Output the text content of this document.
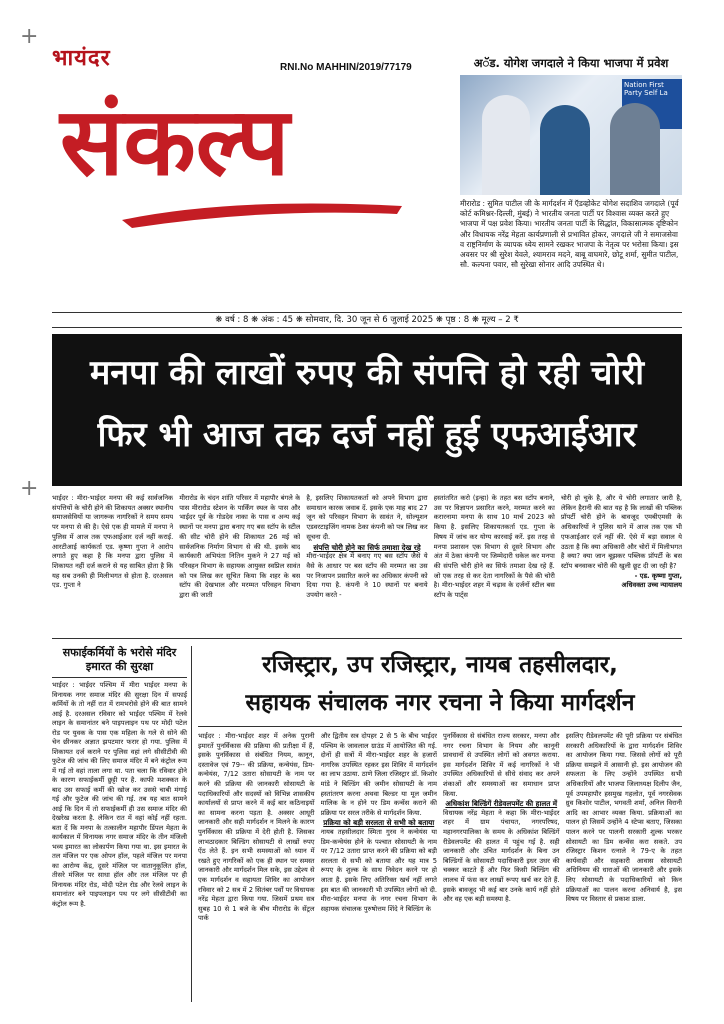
+
+
भायंदर	RNI.No MAHHIN/2019/77179
संकल्प
अॅड. योगेश जगदाले ने किया भाजपा में प्रवेश
Nation First Party Self La
मीरारोड : सुमित पाटील जी के मार्गदर्शन में ऍडव्होकेट योगेश सदाशिव जगदाले (पूर्व कोर्ट कमिश्नर-दिल्ली, मुंबई) ने भारतीय जनता पार्टी पर विश्वास व्यक्त करते हुए भाजपा में पक्ष प्रवेश किया। भारतीय जनता पार्टी के सिद्धांत, विकासात्मक दृष्टिकोन और विधायक नरेंद्र मेहता कार्यप्रणाली से प्रभावित होकर, जगदाले जी ने समाजसेवा व राष्ट्रनिर्माण के व्यापक ध्येय सामने रखकर भाजपा के नेतृत्व पर भरोसा किया। इस अवसर पर श्री सुरेश येवले, श्यामराव मदने, बाबू वाघमारे, छोटू शर्मा, सुमीत पाटील, सौ. कल्पना पवार, सौ सुरेखा सोनार आदि उपस्थित थे।
❋ वर्ष : 8 ❋ अंक : 45 ❋ सोमवार, दि. 30 जून से 6 जुलाई 2025 ❋ पृष्ठ : 8 ❋ मूल्य – 2 ₹
मनपा की लाखों रुपए की संपत्ति हो रही चोरी
फिर भी आज तक दर्ज नहीं हुई एफआईआर
भाईदर : मीरा-भाईदर मनपा की कई सार्वजनिक संपत्तियों के चोरी होने की शिकायत अक्सर स्थानीय समाजसेवियों या जागरूक नागरिकों ने समय समय पर मनपा से की है। ऐसे एक ही मामले में मनपा ने पुलिस में आज तक एफआईआर दर्ज नहीं कराई. आरटीआई कार्यकर्ता एड. कृष्णा गुप्ता ने आरोप लगाते हुए कहा है कि मनपा द्वारा पुलिस में शिकायत नहीं दर्ज कराने से यह साबित होता है कि यह सब उनकी ही मिलीभगत से होता है. दरअसल एड. गुप्ता ने
मीरारोड के चंदन शांति परिसर में महापौर बंगले के पास मीरारोड स्टेशन के पार्किंग स्थल के पास और भाईदर पूर्व के गोडदेव नाका के पास व अन्य कई स्थानों पर मनपा द्वारा बनाए गए बस स्टॉप के स्टील की सीट चोरी होने की शिकायत 26 मई को सार्वजनिक निर्माण विभाग से की थी. इसके बाद कार्यकारी अभियंता नितिन मुकने ने 27 मई को परिवहन विभाग के सहायक आयुक्त स्वप्निल सावंत को पत्र लिख कर सूचित किया कि शहर के बस स्टॉप की देखभाल और मरम्मत परिवहन विभाग द्वारा की जाती
है, इसलिए शिकायतकर्ता को अपने विभाग द्वारा समाधान कारक जवाब दें. इसके एक माह बाद 27 जून को परिवहन विभाग के सावंत ने, सोल्यूशन एडवरटाइजिंग नामक ठेका कंपनी को पत्र लिख कर सूचना दी.
संपत्ति चोरी होने का सिर्फ तमाशा देख रहे
मीरा-भाईदर क्षेत्र में बनाए गए बस स्टॉप जैसे ये वैसे के आधार पर बस स्टॉप की मरम्मत का उस पर निजापन प्रसारित करने का अधिकार कंपनी को दिया गया है. कंपनी ने 10 स्थानों पर बनाये उपयोग करते -
हस्तांतरित करो (इन्हा) के तहत बस स्टॉप बनाने, उस पर विज्ञापन प्रसारित करने, मरम्मत करने का करारनामा मनपा के साथ 10 मार्च 2023 को किया है. इसलिए शिकायतकर्ता एड. गुप्ता के विषय में जांच कर योग्य कारवाई करें. इस तरह से मनपा प्रशासन एक विभाग से दूसरे विभाग और अंत में ठेका कंपनी पर जिम्मेदारी धकेल कर मनपा की संपत्ति चोरी होने का सिर्फ तमाशा देख रहे हैं. जो एक तरह से कर देता नागरिकों के पैसे की चोरी है। मीरा-भाईदर शहर में चढ़ाव के दर्जनों स्टील बस स्टॉप के पार्ट्स
चोरी हो चुके है, और ये चोरी लगातार जारी है, लेकिन हैरानी की बात यह है कि लाखों की पब्लिक प्रॉपर्टी चोरी होने के बावजूद एमबीएमसी के अधिकारियों ने पुलिस थाने में आज तक एक भी एफआईआर दर्ज नहीं की. ऐसे में बड़ा सवाल ये उठता है कि क्या अधिकारी और चोरों में मिलीभगत है क्या? क्या जान बूझकर पब्लिक प्रॉपर्टी के बस स्टॉप बनवाकर चोरी की खुली छूट दी जा रही है?
- एड. कृष्णा गुप्ता,
अधिवक्ता उच्च न्यायालय
सफाईकर्मियों के भरोसे मंदिर इमारत की सुरक्षा
भाईदर : भाईदर पश्चिम में मीरा भाईदर मनपा के विनायक नगर समाज मंदिर की सुरक्षा दिन में सफाई कर्मियों के तो नहीं रात में रामभरोसे होने की बात सामने आई है. दरअसल रविवार को भाईदर पश्चिम में रेलवे लाइन के समानांतर बने पाइपलाइन पथ पर मोदी पटेल रोड पर युवक के पास एक महिला के गले से सोने की चेन छीनकर अज्ञात झपटमार फरार हो गया. पुलिस में शिकायत दर्ज कराने पर पुलिस वहां लगे सीसीटीवी की फुटेज की जांच की लिए समाज मंदिर में बने कंट्रोल रूम में गई तो वहां ताला लगा था. पता चला कि रविवार होने के कारण सफाईकर्मी छुट्टी पर है. काफी मशक्कत के बाद उस सफाई कर्मी की खोज कर उससे चाबी मंगाई गई और फुटेज की जांच की गई. तब यह बात सामने आई कि दिन में तो सफाईकर्मी ही उस समाज मंदिर की देखरेख करता है. लेकिन रात में वहां कोई नहीं रहता. बता दें कि मनपा के तत्कालीन महापौर डिंपल मेहता के कार्यकाल में विनायक नगर समाज मंदिर के तीन मंजिली भव्य इमारत का लोकार्पण किया गया था. इस इमारत के तल मंजिल पर एक ओपन हॉल, पहले मंजिल पर मनपा का आरोग्य केंद्र, दूसरे मंजिल पर वातानुकूलित हॉल, तीसरे मंजिल पर साधा हॉल और तल मंजिल पर ही विनायक मंदिर रोड, मोदी पटेल रोड और रेलवे लाइन के समानांतर बने पाइपलाइन पथ पर लगे सीसीटीवी का कंट्रोल रूम है.
रजिस्ट्रार, उप रजिस्ट्रार, नायब तहसीलदार,
सहायक संचालक नगर रचना ने किया मार्गदर्शन
भाईदर : मीरा-भाईदर शहर में अनेक पुरानी इमारतें पुनर्विकास की प्रक्रिया की प्रतीक्षा में हैं, इसके पुनर्विकास से संबंधित नियम, कानून, दस्तावेज एवं 79-- की प्रक्रिया, कन्वेयंस, डिम-कन्वेयंस, 7/12 उतारा सोसायटी के नाम पर करने की प्रक्रिया की जानकारी सोसायटी के पदाधिकारियों और सदस्यों को विभिन्न शासकीय कार्यालयों से प्राप्त करने में कई बार कठिनाइयों का सामना करना पड़ता है. अक्सर आधूरी जानकारी और सही मार्गदर्शन न मिलने के कारण पुनर्विकास की प्रक्रिया में देरी होती है. जिसका लाभठादकार बिल्डिंग सोसायटी से लाखों रुपए ऐंठ लेते हैं. इन सभी समस्याओं को ध्यान में रखते हुए नागरिकों को एक ही स्थान पर समस्त जानकारी और मार्गदर्शन मिल सके, इस उद्देश्य से एक मार्गदर्शन व सहायता शिविर का आयोजन रविवार को 2 सत्र में 2 सितंबर पर्वों पर विधायक नरेंद्र मेहता द्वारा किया गया. जिसमें प्रथम सत्र सुबह 10 से 1 बजे के बीच मीरारोड के सेंट्रल पार्क
और द्वितीय सत्र दोपहर 2 से 5 के बीच भाईदर पश्चिम के जावलाल ग्राउंड में आयोजित की गई. दोनों ही सत्रों में मीरा-भाईदर शहर के हजारों नागरिक उपस्थित रहकर इस शिविर में मार्गदर्शन का लाभ उठाया. ठाणे जिला रजिस्ट्रार डॉ. किशोर मांडे ने बिल्डिंग की जमीन सोसायटी के नाम हस्तांतरण करना अथवा बिल्डर या मूल जमीन मालिक के न होने पर डिम कन्वेंस कराने की प्रक्रिया पर सरल तरीके से मार्गदर्शन किया.
प्रक्रिया को बड़ी सरलता से सभी को बताया
नायब तहसीलदार स्मिता गुरव ने कन्वेयंस या डिम-कन्वेयंस होने के पश्चात सोसायटी के नाम पर 7/12 उतारा प्राप्त करने की प्रक्रिया को बड़ी सरलता से सभी को बताया और यह मात्र 5 रूपए के शुल्क के साथ निवेदन करने पर हो जाता है. इसके लिए अतिरिक्त खर्च नहीं लगते इस बात की जानकारी भी उपस्थित लोगों को दी. मीरा-भाईदर मनपा के नगर रचना विभाग के सहायक संचालक पुरुषोत्तम शिंदे ने बिल्डिंग के
पुनर्विकास से संबंधित राज्य सरकार, मनपा और नगर रचना विभाग के नियम और कानूनी प्रावधानों से उपस्थित लोगों को अवगत कराया. इस मार्गदर्शन शिविर में कई नागरिकों ने भी उपस्थित अधिकारियों से सीधे संवाद कर अपने शंकाओं और समस्याओं का समाधान प्राप्त किया.
अधिकांश बिल्डिंगें रीडेवलपमेंट की हालत में
विधायक नरेंद्र मेहता ने कहा कि मीरा-भाईदर शहर में ग्राम पंचायत, नगरपरिषद, महानगरपालिका के समय के अधिकांश बिल्डिंगें रीडेवलपमेंट की हालत में पहुंच गई है. सही जानकारी और उचित मार्गदर्शन के बिना उन बिल्डिंगों के सोसायटी पदाधिकारी इधर उधर की चक्कर काटते हैं और फिर किसी बिल्डिंग की लालच में फंस कर लाखों रूपए खर्च कर देते हैं. इसके बावजूद भी कई बार उनके कार्य नहीं होते और वह एक बड़ी समस्या है.
इसलिए रीडेवलपमेंट की पूरी प्रक्रिया पर संबंधित सरकारी अधिकारियों के द्वारा मार्गदर्शन शिविर का आयोजन किया गया. जिससे लोगों को पूरी प्रक्रिया समझने में आसानी हो. इस आयोजन की सफलता के लिए उन्होंने उपस्थित सभी अधिकारियों और भाजपा जिलाध्यक्ष दिलीप जैन, पूर्व उपमहापौर हसमुख गहलोत, पूर्व नगरसेवक ध्रुव किशोर पाटील, भगवती शर्मा, अनिल विरानी आदि का आभार व्यक्त किया. प्रक्रियाओं का पालन हो जिसमें उन्होंने 4 स्टेप्स बताए, जिसका पालन करने पर पालनी सरकारी शुल्क भरकर सोसायटी का डिम कन्वेंस करा सकते. उप रजिस्ट्रार किशन रत्नाले ने 79-ए के तहत कार्यवाही और सहकारी आवास सोसायटी अधिनियम की धाराओं की जानकारी और इसके लिए सोसायटी के पदाधिकारियों को किन प्रक्रियाओं का पालन करना अनिवार्य है, इस विषय पर विस्तार से प्रकाश डाला.
